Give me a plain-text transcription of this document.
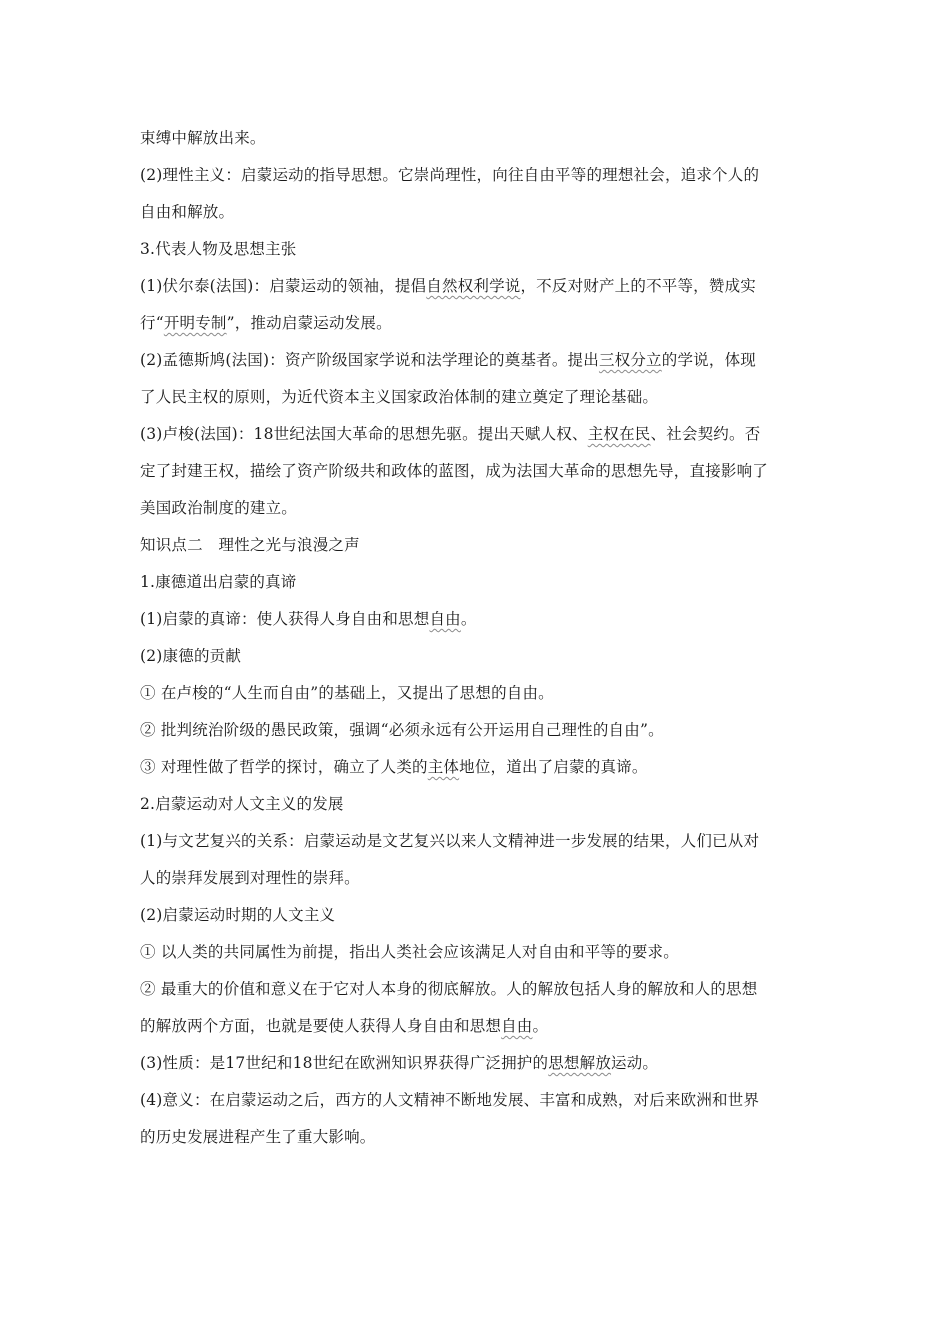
束缚中解放出来。
(2)理性主义：启蒙运动的指导思想。它崇尚理性，向往自由平等的理想社会，追求个人的
自由和解放。
3.代表人物及思想主张
(1)伏尔泰(法国)：启蒙运动的领袖，提倡自然权利学说，不反对财产上的不平等，赞成实
行“开明专制”，推动启蒙运动发展。
(2)孟德斯鸠(法国)：资产阶级国家学说和法学理论的奠基者。提出三权分立的学说，体现
了人民主权的原则，为近代资本主义国家政治体制的建立奠定了理论基础。
(3)卢梭(法国)：18世纪法国大革命的思想先驱。提出天赋人权、主权在民、社会契约。否
定了封建王权，描绘了资产阶级共和政体的蓝图，成为法国大革命的思想先导，直接影响了
美国政治制度的建立。
知识点二　理性之光与浪漫之声
1.康德道出启蒙的真谛
(1)启蒙的真谛：使人获得人身自由和思想自由。
(2)康德的贡献
① 在卢梭的“人生而自由”的基础上，又提出了思想的自由。
② 批判统治阶级的愚民政策，强调“必须永远有公开运用自己理性的自由”。
③ 对理性做了哲学的探讨，确立了人类的主体地位，道出了启蒙的真谛。
2.启蒙运动对人文主义的发展
(1)与文艺复兴的关系：启蒙运动是文艺复兴以来人文精神进一步发展的结果，人们已从对
人的崇拜发展到对理性的崇拜。
(2)启蒙运动时期的人文主义
① 以人类的共同属性为前提，指出人类社会应该满足人对自由和平等的要求。
② 最重大的价值和意义在于它对人本身的彻底解放。人的解放包括人身的解放和人的思想
的解放两个方面，也就是要使人获得人身自由和思想自由。
(3)性质：是17世纪和18世纪在欧洲知识界获得广泛拥护的思想解放运动。
(4)意义：在启蒙运动之后，西方的人文精神不断地发展、丰富和成熟，对后来欧洲和世界
的历史发展进程产生了重大影响。
